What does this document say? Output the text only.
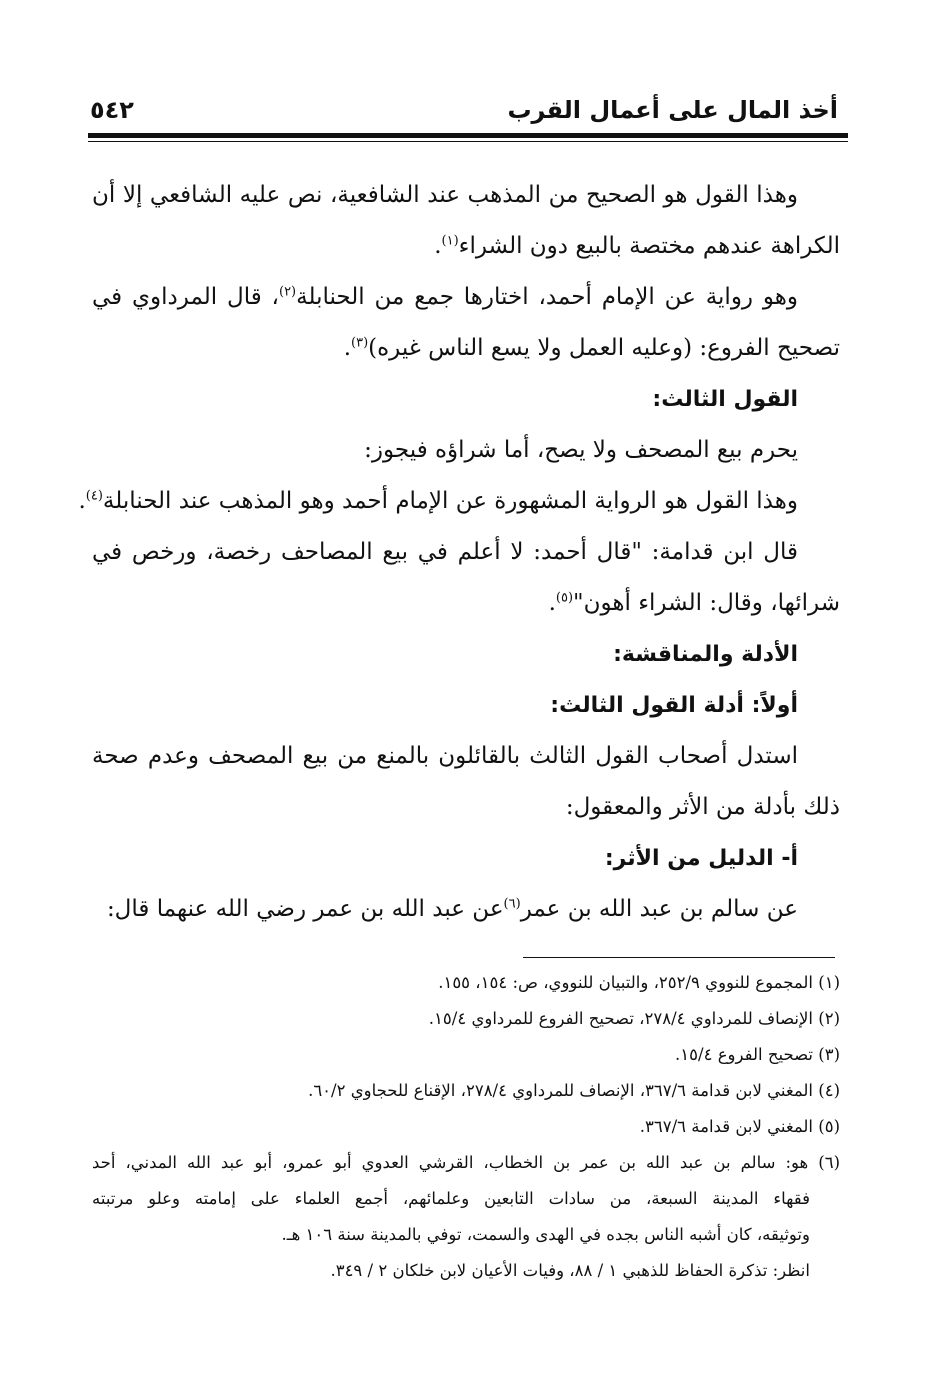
أخذ المال على أعمال القرب
٥٤٢
وهذا القول هو الصحيح من المذهب عند الشافعية، نص عليه الشافعي إلا أن
الكراهة عندهم مختصة بالبيع دون الشراء$^{(١)}$.
وهو رواية عن الإمام أحمد، اختارها جمع من الحنابلة$^{(٢)}$، قال المرداوي في
تصحيح الفروع: (وعليه العمل ولا يسع الناس غيره)$^{(٣)}$.
القول الثالث:
يحرم بيع المصحف ولا يصح، أما شراؤه فيجوز:
وهذا القول هو الرواية المشهورة عن الإمام أحمد وهو المذهب عند الحنابلة$^{(٤)}$.
قال ابن قدامة: "قال أحمد: لا أعلم في بيع المصاحف رخصة، ورخص في
شرائها، وقال: الشراء أهون"$^{(٥)}$.
الأدلة والمناقشة:
أولاً: أدلة القول الثالث:
استدل أصحاب القول الثالث بالقائلون بالمنع من بيع المصحف وعدم صحة
ذلك بأدلة من الأثر والمعقول:
أ- الدليل من الأثر:
عن سالم بن عبد الله بن عمر$^{(٦)}$عن عبد الله بن عمر رضي الله عنهما قال:
(١) المجموع للنووي ٢٥٢/٩، والتبيان للنووي، ص: ١٥٤، ١٥٥.
(٢) الإنصاف للمرداوي ٢٧٨/٤، تصحيح الفروع للمرداوي ١٥/٤.
(٣) تصحيح الفروع ١٥/٤.
(٤) المغني لابن قدامة ٣٦٧/٦، الإنصاف للمرداوي ٢٧٨/٤، الإقناع للحجاوي ٦٠/٢.
(٥) المغني لابن قدامة ٣٦٧/٦.
(٦) هو: سالم بن عبد الله بن عمر بن الخطاب، القرشي العدوي أبو عمرو، أبو عبد الله المدني، أحد
فقهاء المدينة السبعة، من سادات التابعين وعلمائهم، أجمع العلماء على إمامته وعلو مرتبته
وتوثيقه، كان أشبه الناس بجده في الهدى والسمت، توفي بالمدينة سنة ١٠٦ هـ.
انظر: تذكرة الحفاظ للذهبي ١ / ٨٨، وفيات الأعيان لابن خلكان ٢ / ٣٤٩.
